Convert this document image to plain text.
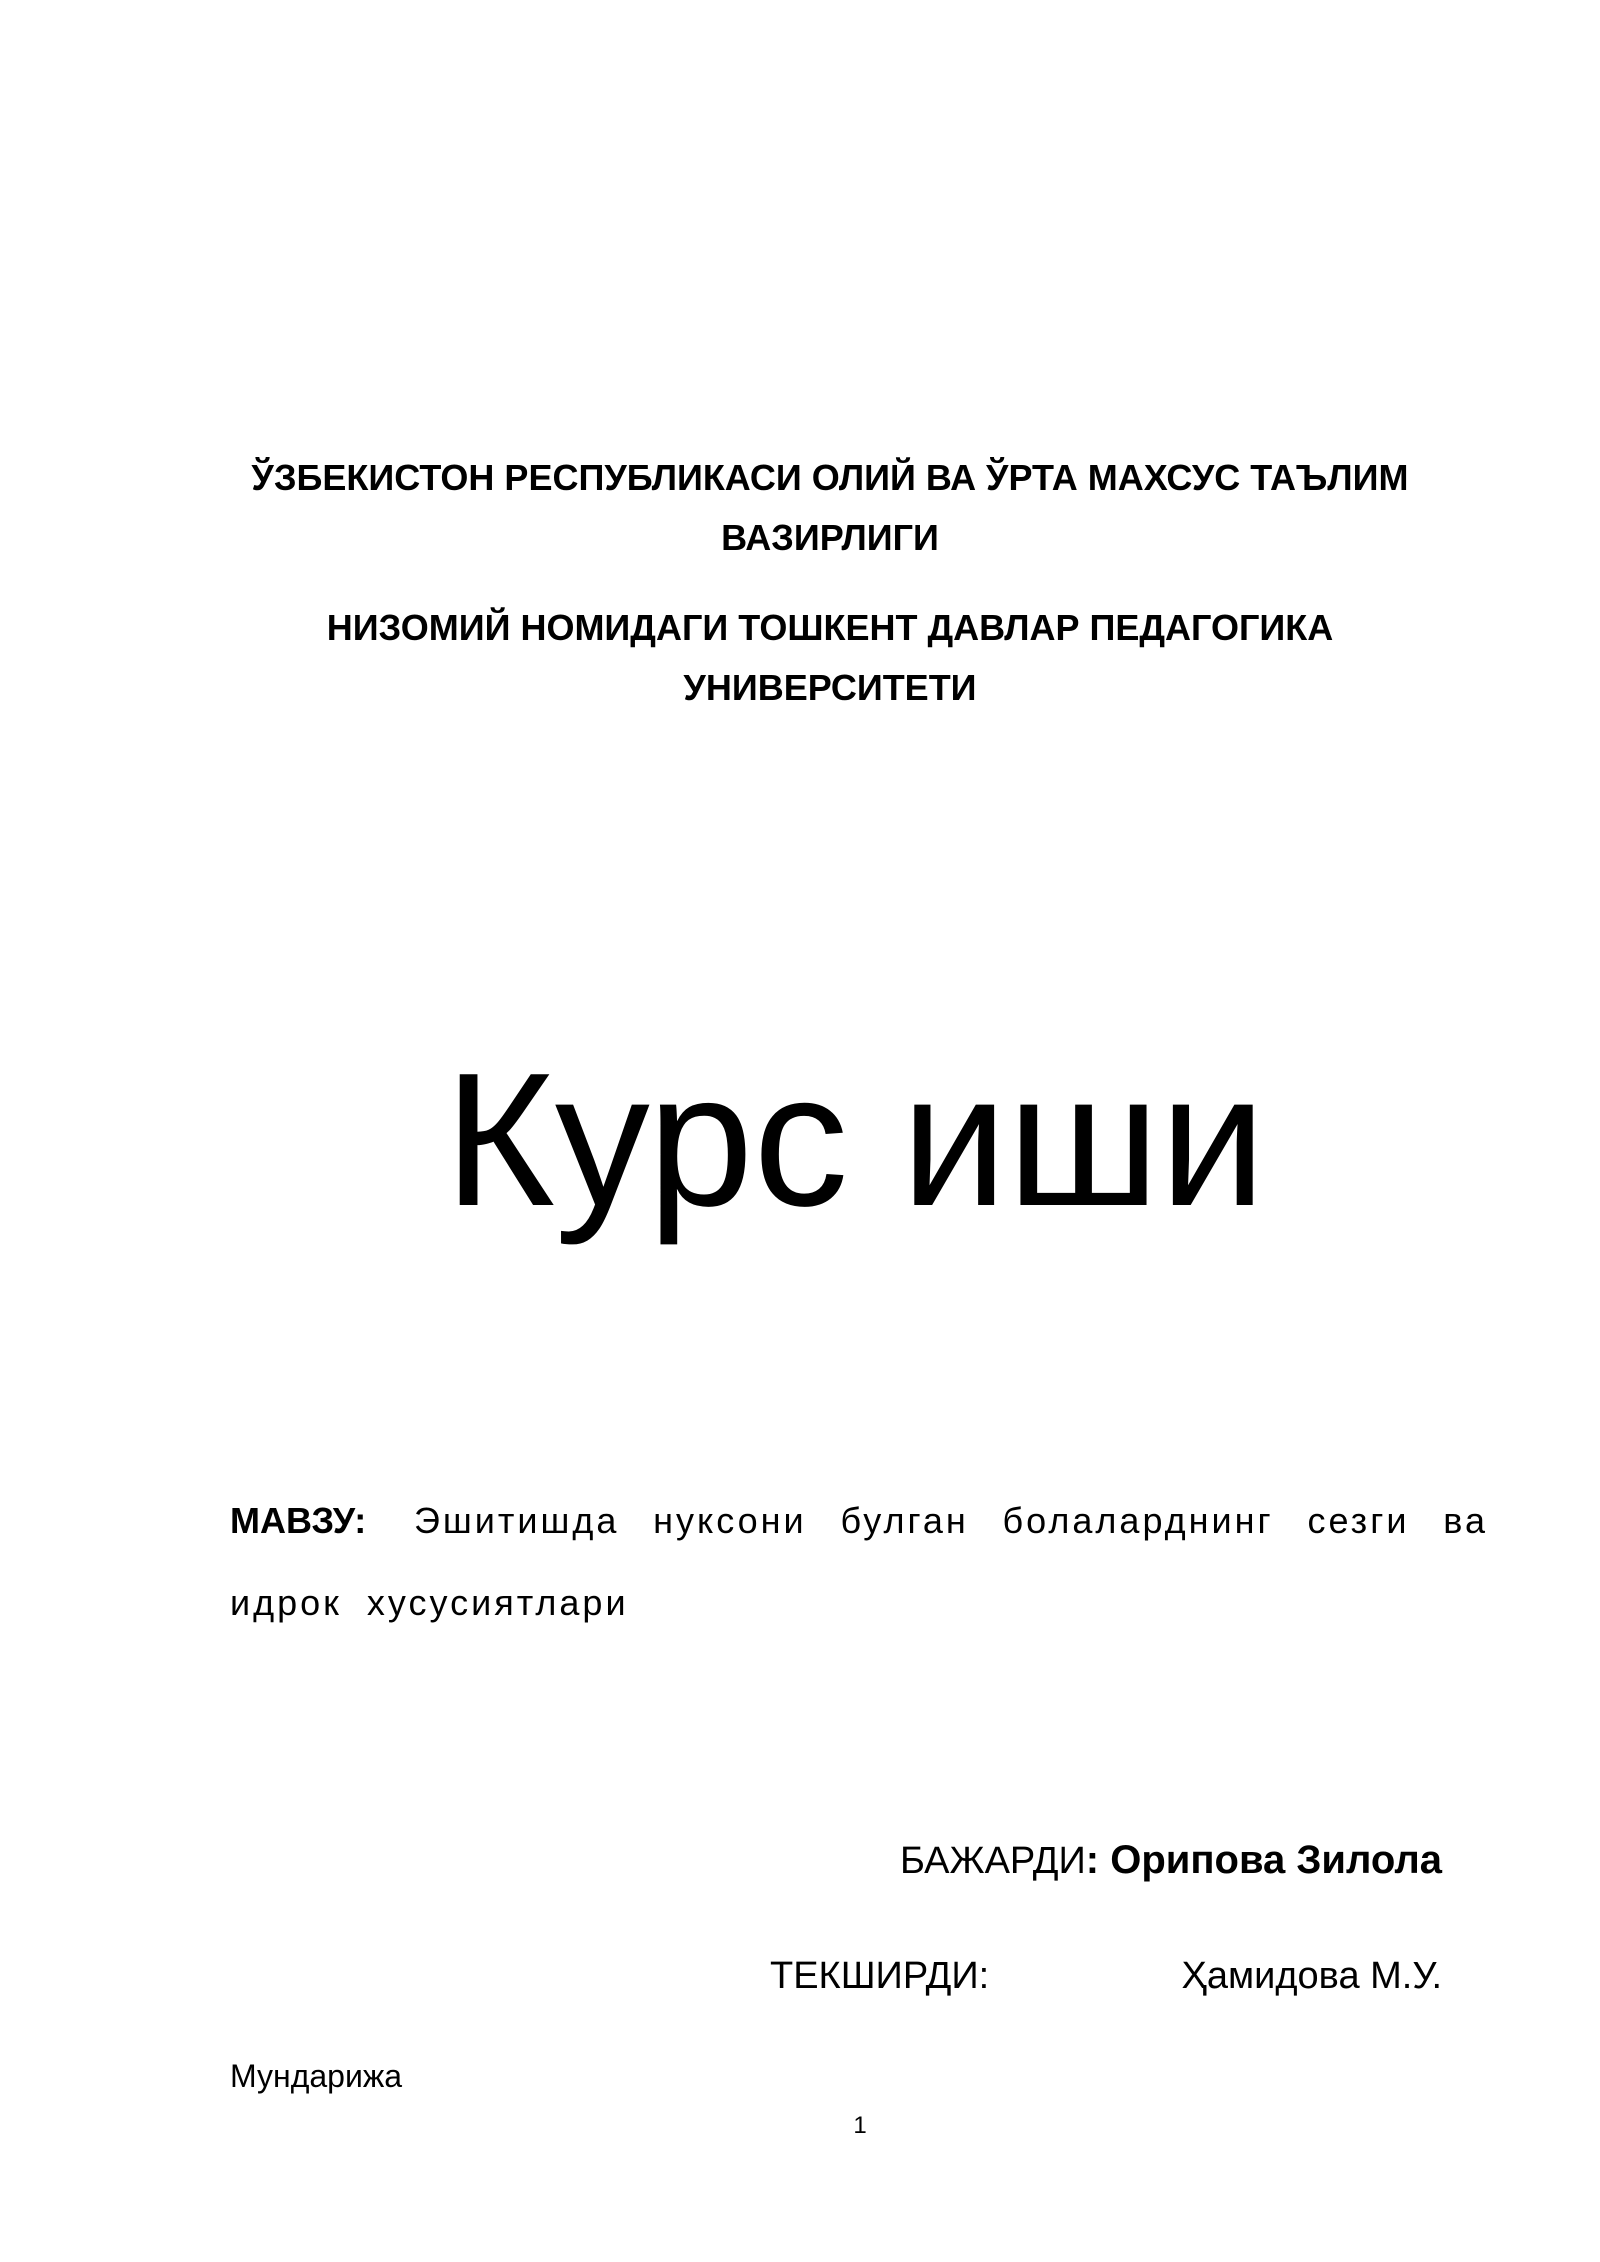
ЎЗБЕКИСТОН РЕСПУБЛИКАСИ ОЛИЙ ВА ЎРТА МАХСУС ТАЪЛИМ ВАЗИРЛИГИ
НИЗОМИЙ НОМИДАГИ ТОШКЕНТ ДАВЛАР ПЕДАГОГИКА УНИВЕРСИТЕТИ
Курс иши
МАВЗУ: Эшитишда нуксони булган болаларднинг сезги ва идрок хусусиятлари
БАЖАРДИ: Орипова Зилола
ТЕКШИРДИ:	Ҳамидова М.У.
Мундарижа
1
